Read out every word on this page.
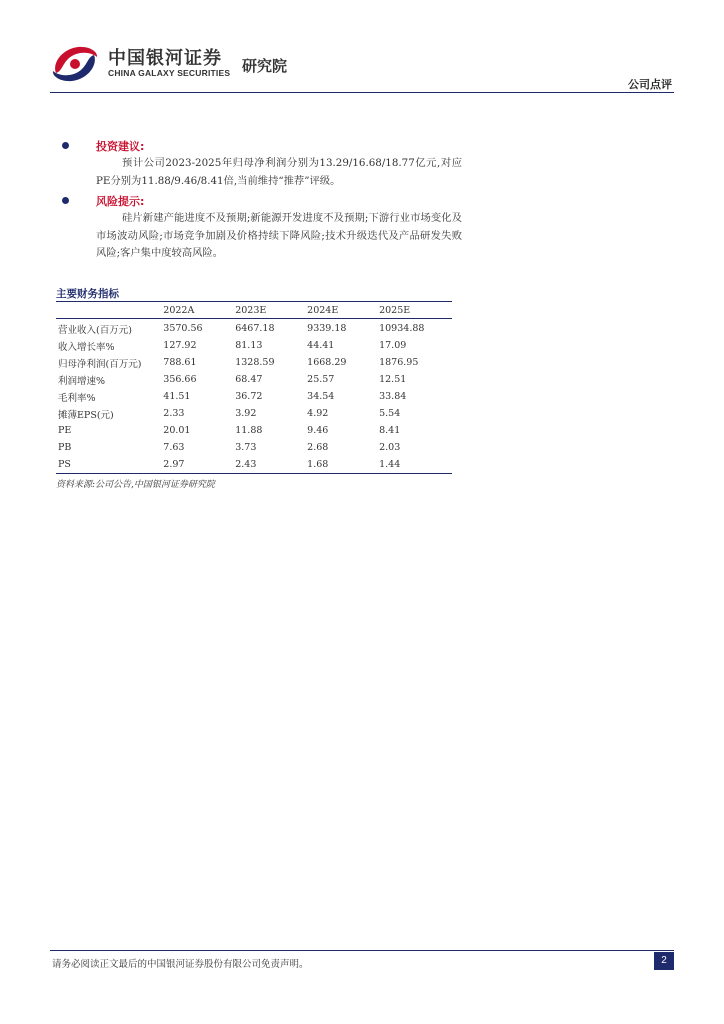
中国银河证券
CHINA GALAXY SECURITIES 研究院
公司点评
投资建议:
预计公司2023-2025年归母净利润分别为13.29/16.68/18.77亿元,对应PE分别为11.88/9.46/8.41倍,当前维持“推荐”评级。
风险提示:
硅片新建产能进度不及预期;新能源开发进度不及预期;下游行业市场变化及市场波动风险;市场竞争加剧及价格持续下降风险;技术升级迭代及产品研发失败风险;客户集中度较高风险。
主要财务指标
	2022A	2023E	2024E	2025E
营业收入(百万元)	3570.56	6467.18	9339.18	10934.88
收入增长率%	127.92	81.13	44.41	17.09
归母净利润(百万元)	788.61	1328.59	1668.29	1876.95
利润增速%	356.66	68.47	25.57	12.51
毛利率%	41.51	36.72	34.54	33.84
摊薄EPS(元)	2.33	3.92	4.92	5.54
PE	20.01	11.88	9.46	8.41
PB	7.63	3.73	2.68	2.03
PS	2.97	2.43	1.68	1.44
资料来源:公司公告,中国银河证券研究院
请务必阅读正文最后的中国银河证券股份有限公司免责声明。	2
